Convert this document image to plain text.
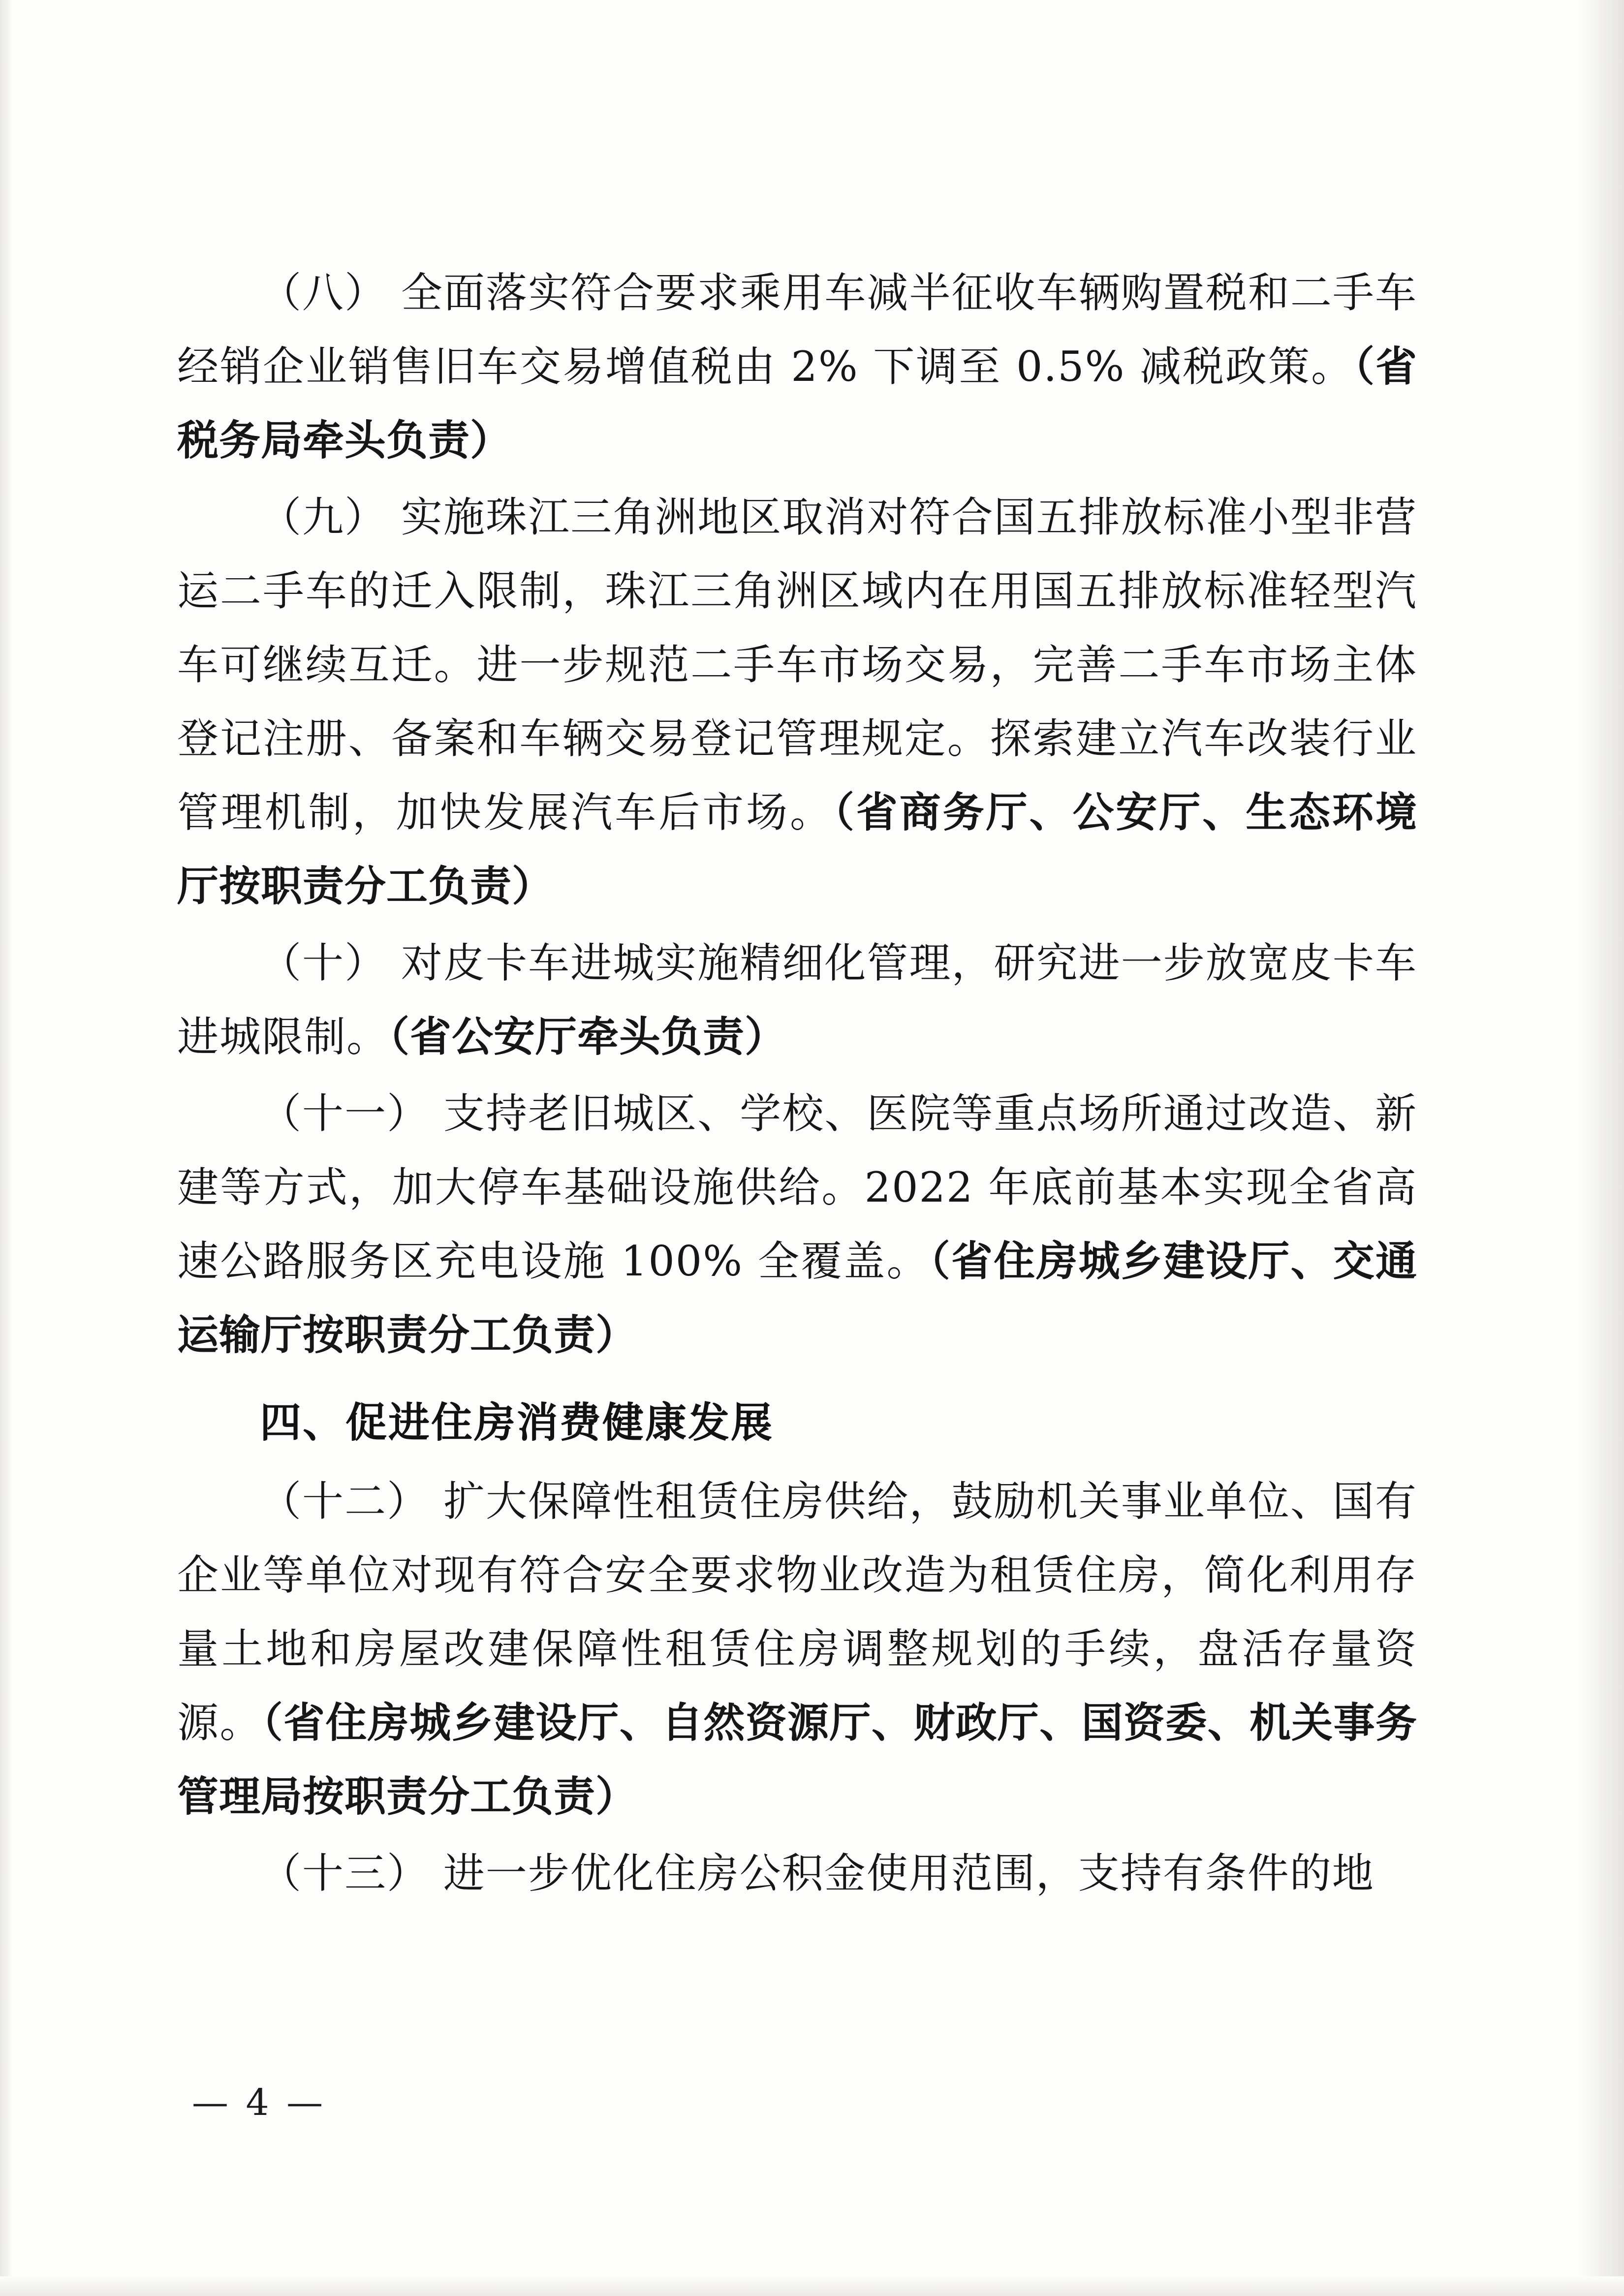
（八） 全面落实符合要求乘用车减半征收车辆购置税和二手车经销企业销售旧车交易增值税由 2% 下调至 0.5% 减税政策。（省税务局牵头负责）

（九） 实施珠江三角洲地区取消对符合国五排放标准小型非营运二手车的迁入限制，珠江三角洲区域内在用国五排放标准轻型汽车可继续互迁。进一步规范二手车市场交易，完善二手车市场主体登记注册、备案和车辆交易登记管理规定。探索建立汽车改装行业管理机制，加快发展汽车后市场。（省商务厅、公安厅、生态环境厅按职责分工负责）

（十） 对皮卡车进城实施精细化管理，研究进一步放宽皮卡车进城限制。（省公安厅牵头负责）

（十一） 支持老旧城区、学校、医院等重点场所通过改造、新建等方式，加大停车基础设施供给。2022 年底前基本实现全省高速公路服务区充电设施 100% 全覆盖。（省住房城乡建设厅、交通运输厅按职责分工负责）

四、促进住房消费健康发展

（十二） 扩大保障性租赁住房供给，鼓励机关事业单位、国有企业等单位对现有符合安全要求物业改造为租赁住房，简化利用存量土地和房屋改建保障性租赁住房调整规划的手续，盘活存量资源。（省住房城乡建设厅、自然资源厅、财政厅、国资委、机关事务管理局按职责分工负责）

（十三） 进一步优化住房公积金使用范围，支持有条件的地

— 4 —
